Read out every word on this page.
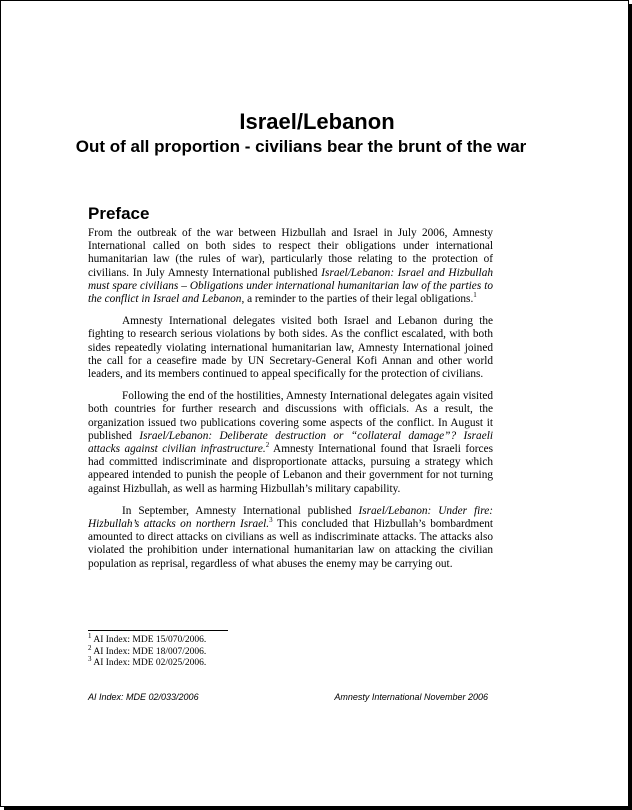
Israel/Lebanon
Out of all proportion - civilians bear the brunt of the war
Preface

From the outbreak of the war between Hizbullah and Israel in July 2006, Amnesty International called on both sides to respect their obligations under international humanitarian law (the rules of war), particularly those relating to the protection of civilians. In July Amnesty International published Israel/Lebanon: Israel and Hizbullah must spare civilians – Obligations under international humanitarian law of the parties to the conflict in Israel and Lebanon, a reminder to the parties of their legal obligations.$^1$

Amnesty International delegates visited both Israel and Lebanon during the fighting to research serious violations by both sides. As the conflict escalated, with both sides repeatedly violating international humanitarian law, Amnesty International joined the call for a ceasefire made by UN Secretary-General Kofi Annan and other world leaders, and its members continued to appeal specifically for the protection of civilians.

Following the end of the hostilities, Amnesty International delegates again visited both countries for further research and discussions with officials. As a result, the organization issued two publications covering some aspects of the conflict. In August it published Israel/Lebanon: Deliberate destruction or “collateral damage”? Israeli attacks against civilian infrastructure.$^2$ Amnesty International found that Israeli forces had committed indiscriminate and disproportionate attacks, pursuing a strategy which appeared intended to punish the people of Lebanon and their government for not turning against Hizbullah, as well as harming Hizbullah’s military capability.

In September, Amnesty International published Israel/Lebanon: Under fire: Hizbullah’s attacks on northern Israel.$^3$ This concluded that Hizbullah’s bombardment amounted to direct attacks on civilians as well as indiscriminate attacks. The attacks also violated the prohibition under international humanitarian law on attacking the civilian population as reprisal, regardless of what abuses the enemy may be carrying out.

$^1$ AI Index: MDE 15/070/2006.
$^2$ AI Index: MDE 18/007/2006.
$^3$ AI Index: MDE 02/025/2006.
AI Index: MDE 02/033/2006	Amnesty International November 2006
